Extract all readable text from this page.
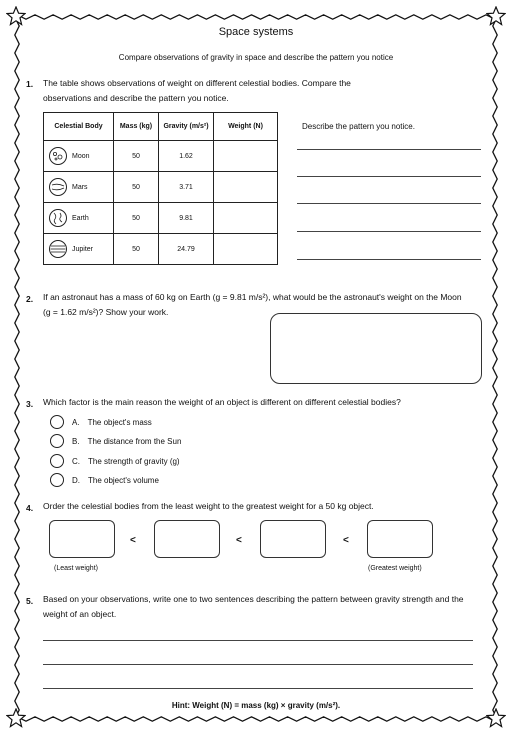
Space systems
Compare observations of gravity in space and describe the pattern you notice
1. The table shows observations of weight on different celestial bodies. Compare the observations and describe the pattern you notice.
Celestial Body	Mass (kg)	Gravity (m/s²)	Weight (N)

Moon	50	1.62	

Mars	50	3.71	

Earth	50	9.81	

Jupiter	50	24.79	
Describe the pattern you notice.
2. If an astronaut has a mass of 60 kg on Earth (g = 9.81 m/s²), what would be the astronaut's weight on the Moon (g = 1.62 m/s²)? Show your work.
3. Which factor is the main reason the weight of an object is different on different celestial bodies?
A. The object's mass
B. The distance from the Sun
C. The strength of gravity (g)
D. The object's volume
4. Order the celestial bodies from the least weight to the greatest weight for a 50 kg object.
<	<	<
(Least weight)	(Greatest weight)
5. Based on your observations, write one to two sentences describing the pattern between gravity strength and the weight of an object.
Hint: Weight (N) = mass (kg) × gravity (m/s²).
